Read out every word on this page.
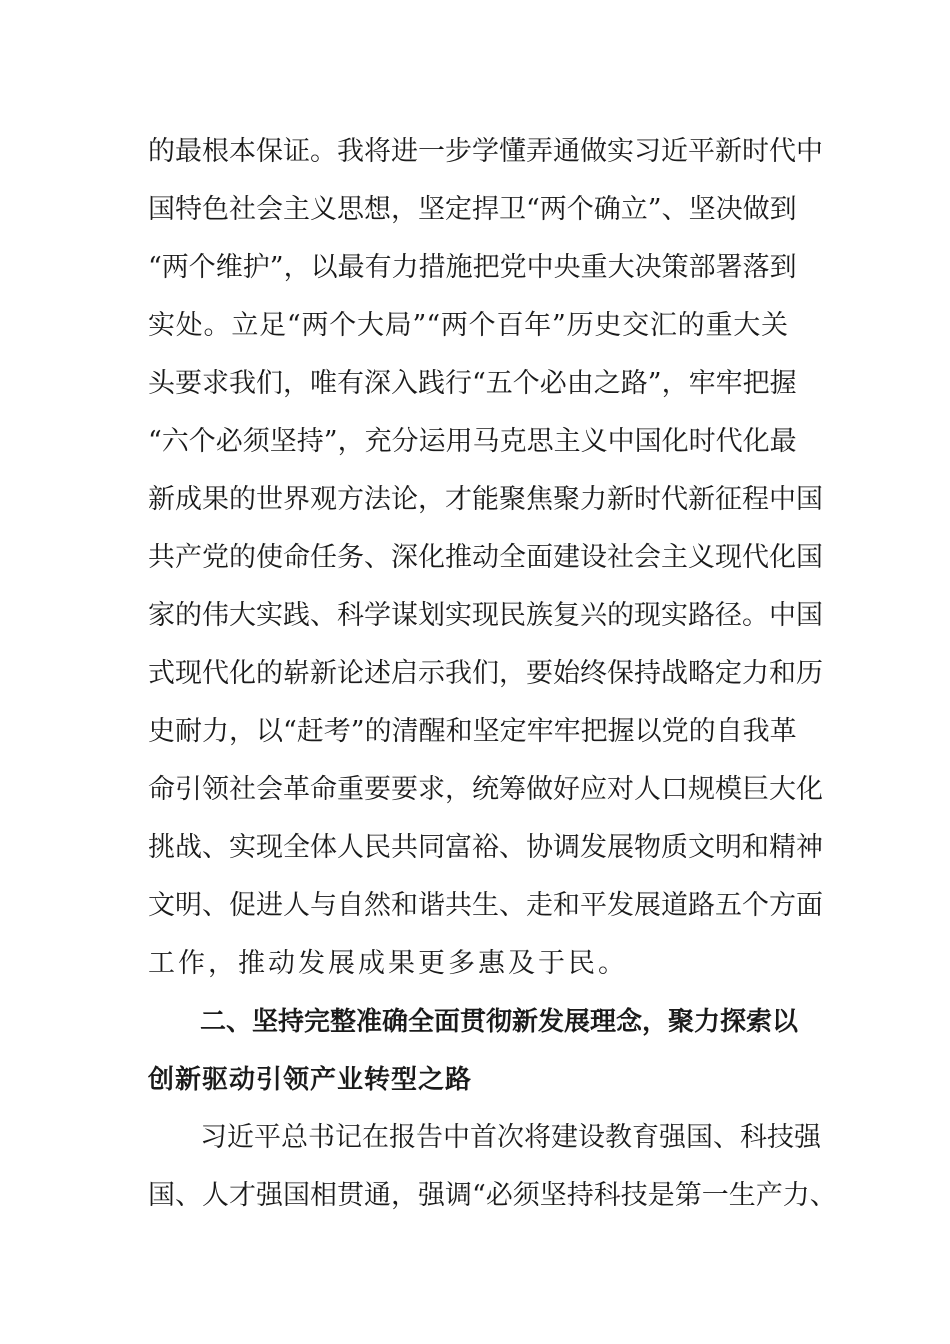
的最根本保证。我将进一步学懂弄通做实习近平新时代中
国特色社会主义思想，坚定捍卫“两个确立”、坚决做到
“两个维护”，以最有力措施把党中央重大决策部署落到
实处。立足“两个大局”“两个百年”历史交汇的重大关
头要求我们，唯有深入践行“五个必由之路”，牢牢把握
“六个必须坚持”，充分运用马克思主义中国化时代化最
新成果的世界观方法论，才能聚焦聚力新时代新征程中国
共产党的使命任务、深化推动全面建设社会主义现代化国
家的伟大实践、科学谋划实现民族复兴的现实路径。中国
式现代化的崭新论述启示我们，要始终保持战略定力和历
史耐力，以“赶考”的清醒和坚定牢牢把握以党的自我革
命引领社会革命重要要求，统筹做好应对人口规模巨大化
挑战、实现全体人民共同富裕、协调发展物质文明和精神
文明、促进人与自然和谐共生、走和平发展道路五个方面
工作，推动发展成果更多惠及于民。
二、坚持完整准确全面贯彻新发展理念，聚力探索以
创新驱动引领产业转型之路
习近平总书记在报告中首次将建设教育强国、科技强
国、人才强国相贯通，强调“必须坚持科技是第一生产力、
